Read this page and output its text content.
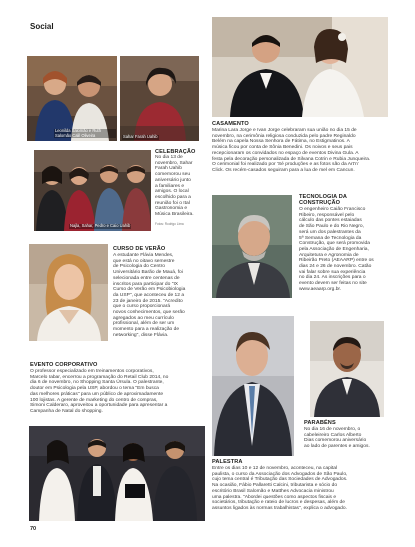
Social
Leonilda Salomão e Ruth Salomão Calil Oliveira	Sahar Farah Uahib
CELEBRAÇÃO
No dia 13 de
novembro, Sahar
Farah Uahib
comemorou seu
aniversário junto
a familiares e
amigos. O local
escolhido para a
reunião foi o Ital
Gastronomia e
Música Brasileira.
Fotos: Rodrigo Lima
Najla, Sahar, Pedro e Caio Uahib
CURSO DE VERÃO
A estudante Flávia Mendes,
que está no oitavo semestre
de Psicologia do Centro
Universitário Barão de Mauá, foi
selecionada entre centenas de
inscritos para participar do "IX
Curso de Verão em Psicobiologia
da USP", que aconteceu de 12 a
23 de janeiro de 2015. "Acredito
que o curso proporcionará
novos conhecimentos, que serão
agregados ao meu currículo
profissional, além de ser um
momento para a realização de
networking", disse Flávia.
EVENTO CORPORATIVO
O professor especializado em treinamentos corporativos,
Marcelo Iabar, encerrou a programação do Retail Club 2014, no
dia 6 de novembro, no Shopping Santa Úrsula. O palestrante,
doutor em Psicologia pela USP, abordou o tema "Em busca
das melhores práticas" para um público de aproximadamente
100 lojistas. A gerente de marketing do centro de compras,
Simoni Calderaro, aproveitou a oportunidade para apresentar a
Campanha de Natal do shopping.
CASAMENTO
Marina Lara Jorge e Ivan Jorge celebraram sua união no dia 15 de
novembro, na cerimônia religiosa conduzida pelo padre Reginaldo
Belém na capela Nossa Senhora de Fátima, no Estigmatinos. A
música ficou por conta de Sônia Benedini. Os noivos e seus pais
recepcionaram os convidados no espaço de eventos Divina Gula. A
festa pela decoração personalizada de Silvana Cotrin e Rubia Junqueira.
O cerimonial foi realizado por 'Sé produções e as fotos são da Art'n'
Click. Os recém-casados seguiram para a lua de mel em Cancun.
TECNOLOGIA DA
CONSTRUÇÃO
O engenheiro Caião Francisco
Ribeiro, responsável pelo
cálculo das pontes estaiadas
de São Paulo e do Rio Negro,
será um dos palestrantes da
5ª Semana de Tecnologia da
Construção, que será promovida
pela Associação de Engenharia,
Arquitetura e Agronomia de
Ribeirão Preto (AEAARP) entre os
dias 24 e 26 de novembro. Catão
vai falar sobre sua experiência
no dia 24. As inscrições para o
evento devem ser feitas no site
www.aeaarp.org.br.
PARABÉNS
No dia 16 de novembro, o
cabeleireiro Carlos Alberto
Dias comemorou aniversário
ao lado de parentes e amigos.
PALESTRA
Entre os dias 10 e 12 de novembro, aconteceu, na capital
paulista, o curso da Associação dos Advogados de São Paulo,
cujo tema central é Tributação das Sociedades de Advogados.
Na ocasião, Fábio Pallaretti Calcini, tributarista e sócio do
escritório Brasil Salomão e Matthes Advocacia ministrou
uma palestra. "Abordei questões como aspectos fiscais e
societários, tributação e rateio de lucros e despesas, além de
assuntos ligados às normas trabalhistas", explica o advogado.
70
